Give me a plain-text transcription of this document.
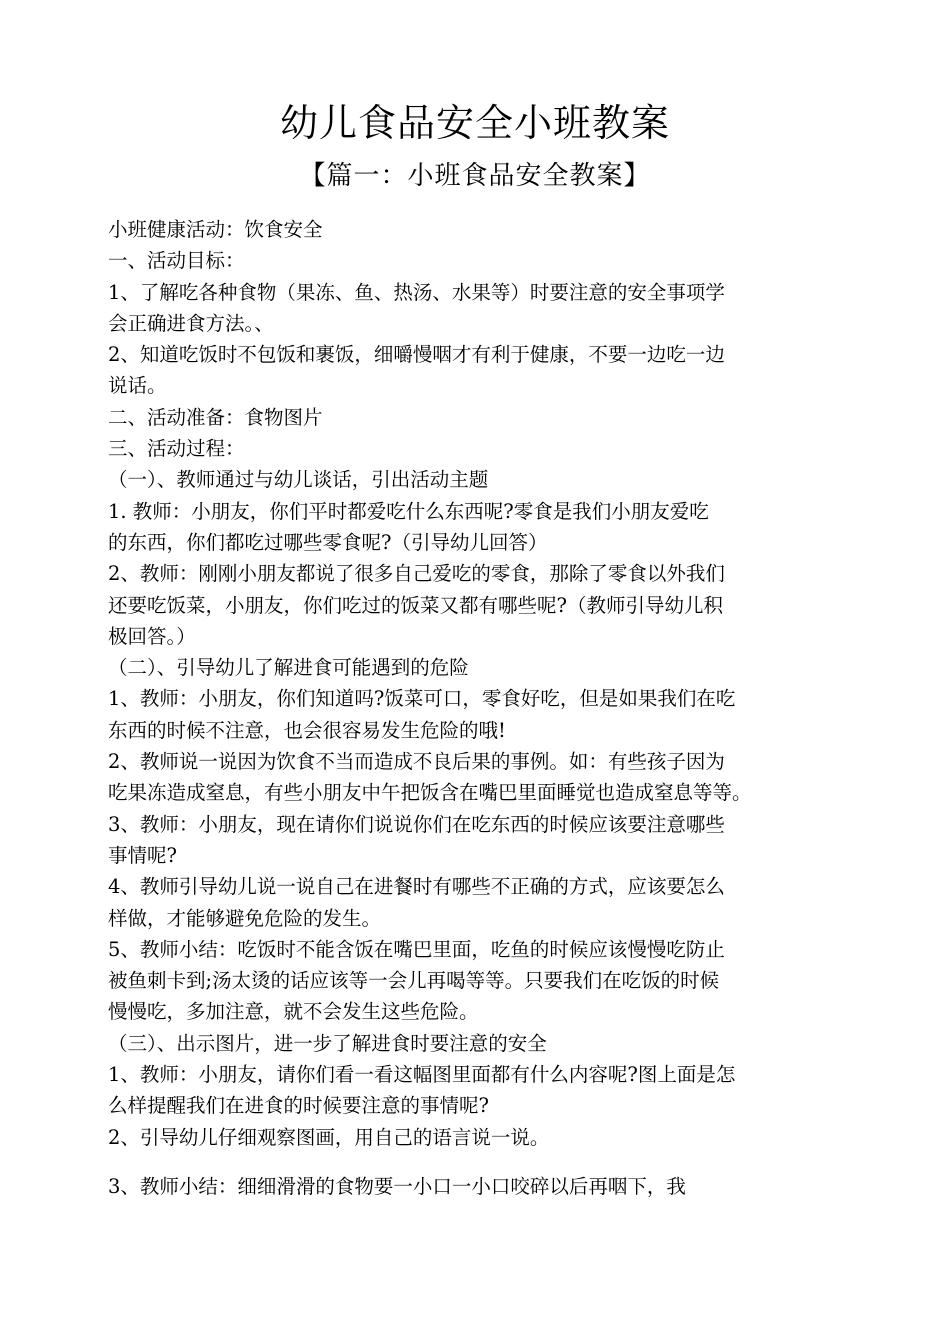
幼儿食品安全小班教案
【篇一：小班食品安全教案】
小班健康活动：饮食安全
一、活动目标：
1、了解吃各种食物（果冻、鱼、热汤、水果等）时要注意的安全事项学
会正确进食方法。、
2、知道吃饭时不包饭和裹饭，细嚼慢咽才有利于健康，不要一边吃一边
说话。
二、活动准备：食物图片
三、活动过程：
（一）、教师通过与幼儿谈话，引出活动主题
1. 教师：小朋友，你们平时都爱吃什么东西呢?零食是我们小朋友爱吃
的东西，你们都吃过哪些零食呢?（引导幼儿回答）
2、教师：刚刚小朋友都说了很多自己爱吃的零食，那除了零食以外我们
还要吃饭菜，小朋友，你们吃过的饭菜又都有哪些呢?（教师引导幼儿积
极回答。）
（二）、引导幼儿了解进食可能遇到的危险
1、教师：小朋友，你们知道吗?饭菜可口，零食好吃，但是如果我们在吃
东西的时候不注意，也会很容易发生危险的哦!
2、教师说一说因为饮食不当而造成不良后果的事例。如：有些孩子因为
吃果冻造成窒息，有些小朋友中午把饭含在嘴巴里面睡觉也造成窒息等等。
3、教师：小朋友，现在请你们说说你们在吃东西的时候应该要注意哪些
事情呢?
4、教师引导幼儿说一说自己在进餐时有哪些不正确的方式，应该要怎么
样做，才能够避免危险的发生。
5、教师小结：吃饭时不能含饭在嘴巴里面，吃鱼的时候应该慢慢吃防止
被鱼刺卡到;汤太烫的话应该等一会儿再喝等等。只要我们在吃饭的时候
慢慢吃，多加注意，就不会发生这些危险。
（三）、出示图片，进一步了解进食时要注意的安全
1、教师：小朋友，请你们看一看这幅图里面都有什么内容呢?图上面是怎
么样提醒我们在进食的时候要注意的事情呢?
2、引导幼儿仔细观察图画，用自己的语言说一说。
3、教师小结：细细滑滑的食物要一小口一小口咬碎以后再咽下，我
